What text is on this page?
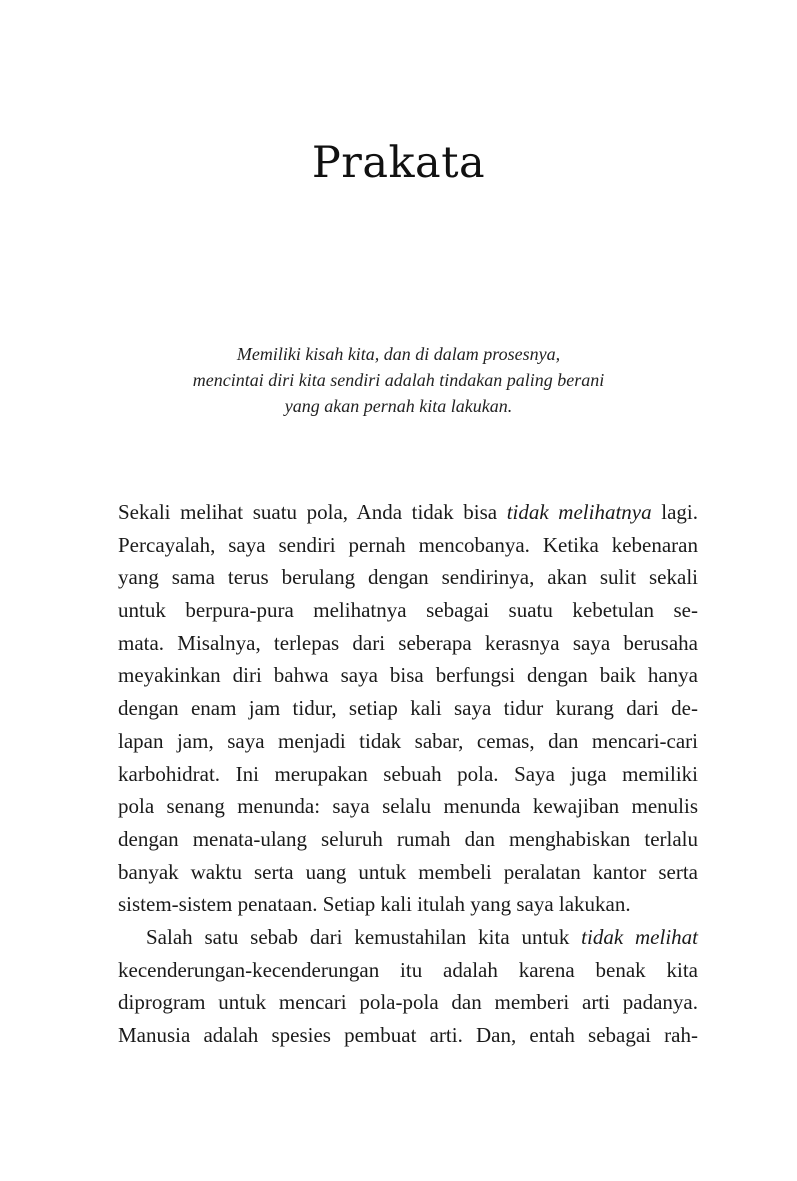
Prakata
Memiliki kisah kita, dan di dalam prosesnya,
mencintai diri kita sendiri adalah tindakan paling berani
yang akan pernah kita lakukan.
Sekali melihat suatu pola, Anda tidak bisa tidak melihatnya lagi.
Percayalah, saya sendiri pernah mencobanya. Ketika kebenaran
yang sama terus berulang dengan sendirinya, akan sulit sekali
untuk berpura-pura melihatnya sebagai suatu kebetulan se-
mata. Misalnya, terlepas dari seberapa kerasnya saya berusaha
meyakinkan diri bahwa saya bisa berfungsi dengan baik hanya
dengan enam jam tidur, setiap kali saya tidur kurang dari de-
lapan jam, saya menjadi tidak sabar, cemas, dan mencari-cari
karbohidrat. Ini merupakan sebuah pola. Saya juga memiliki
pola senang menunda: saya selalu menunda kewajiban menulis
dengan menata-ulang seluruh rumah dan menghabiskan terlalu
banyak waktu serta uang untuk membeli peralatan kantor serta
sistem-sistem penataan. Setiap kali itulah yang saya lakukan.
Salah satu sebab dari kemustahilan kita untuk tidak melihat
kecenderungan-kecenderungan itu adalah karena benak kita
diprogram untuk mencari pola-pola dan memberi arti padanya.
Manusia adalah spesies pembuat arti. Dan, entah sebagai rah-
